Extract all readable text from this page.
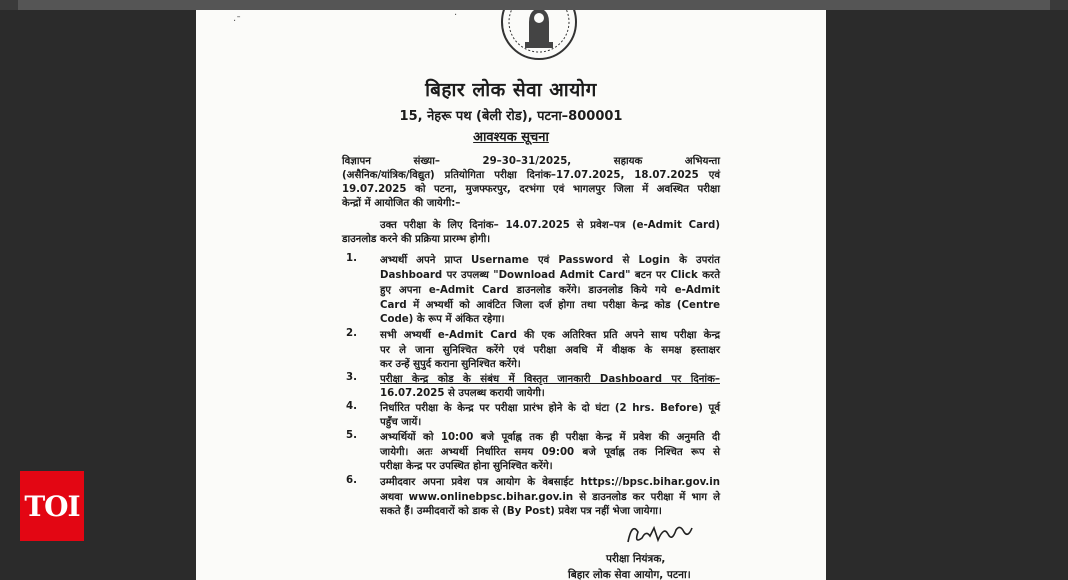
·¯
·
बिहार लोक सेवा आयोग
15, नेहरू पथ (बेली रोड), पटना–800001
आवश्यक सूचना
विज्ञापन संख्या– 29–30–31/2025, सहायक अभियन्ता
(असैनिक/यांत्रिक/विद्युत) प्रतियोगिता परीक्षा दिनांक–17.07.2025, 18.07.2025 एवं
19.07.2025 को पटना, मुजफ्फरपुर, दरभंगा एवं भागलपुर जिला में अवस्थित परीक्षा
केन्द्रों में आयोजित की जायेगी:–
उक्त परीक्षा के लिए दिनांक– 14.07.2025 से प्रवेश–पत्र (e-Admit Card)
डाउनलोड करने की प्रक्रिया प्रारम्भ होगी।
1. अभ्यर्थी अपने प्राप्त Username एवं Password से Login के उपरांत
Dashboard पर उपलब्ध "Download Admit Card" बटन पर Click करते
हुए अपना e-Admit Card डाउनलोड करेंगे। डाउनलोड किये गये e-Admit
Card में अभ्यर्थी को आवंटित जिला दर्ज होगा तथा परीक्षा केन्द्र कोड (Centre
Code) के रूप में अंकित रहेगा।
2. सभी अभ्यर्थी e-Admit Card की एक अतिरिक्त प्रति अपने साथ परीक्षा केन्द्र
पर ले जाना सुनिश्चित करेंगे एवं परीक्षा अवधि में वीक्षक के समक्ष हस्ताक्षर
कर उन्हें सुपुर्द कराना सुनिश्चित करेंगे।
3. परीक्षा केन्द्र कोड के संबंध में विस्तृत जानकारी Dashboard पर दिनांक–
16.07.2025 से उपलब्ध करायी जायेगी।
4. निर्धारित परीक्षा के केन्द्र पर परीक्षा प्रारंभ होने के दो घंटा (2 hrs. Before) पूर्व
पहुँच जायें।
5. अभ्यर्थियों को 10:00 बजे पूर्वाह्न तक ही परीक्षा केन्द्र में प्रवेश की अनुमति दी
जायेगी। अतः अभ्यर्थी निर्धारित समय 09:00 बजे पूर्वाह्न तक निश्चित रूप से
परीक्षा केन्द्र पर उपस्थित होना सुनिश्चित करेंगे।
6. उम्मीदवार अपना प्रवेश पत्र आयोग के वेबसाईट https://bpsc.bihar.gov.in
अथवा www.onlinebpsc.bihar.gov.in से डाउनलोड कर परीक्षा में भाग ले
सकते हैं। उम्मीदवारों को डाक से (By Post) प्रवेश पत्र नहीं भेजा जायेगा।
परीक्षा नियंत्रक,
बिहार लोक सेवा आयोग, पटना।
TOI
